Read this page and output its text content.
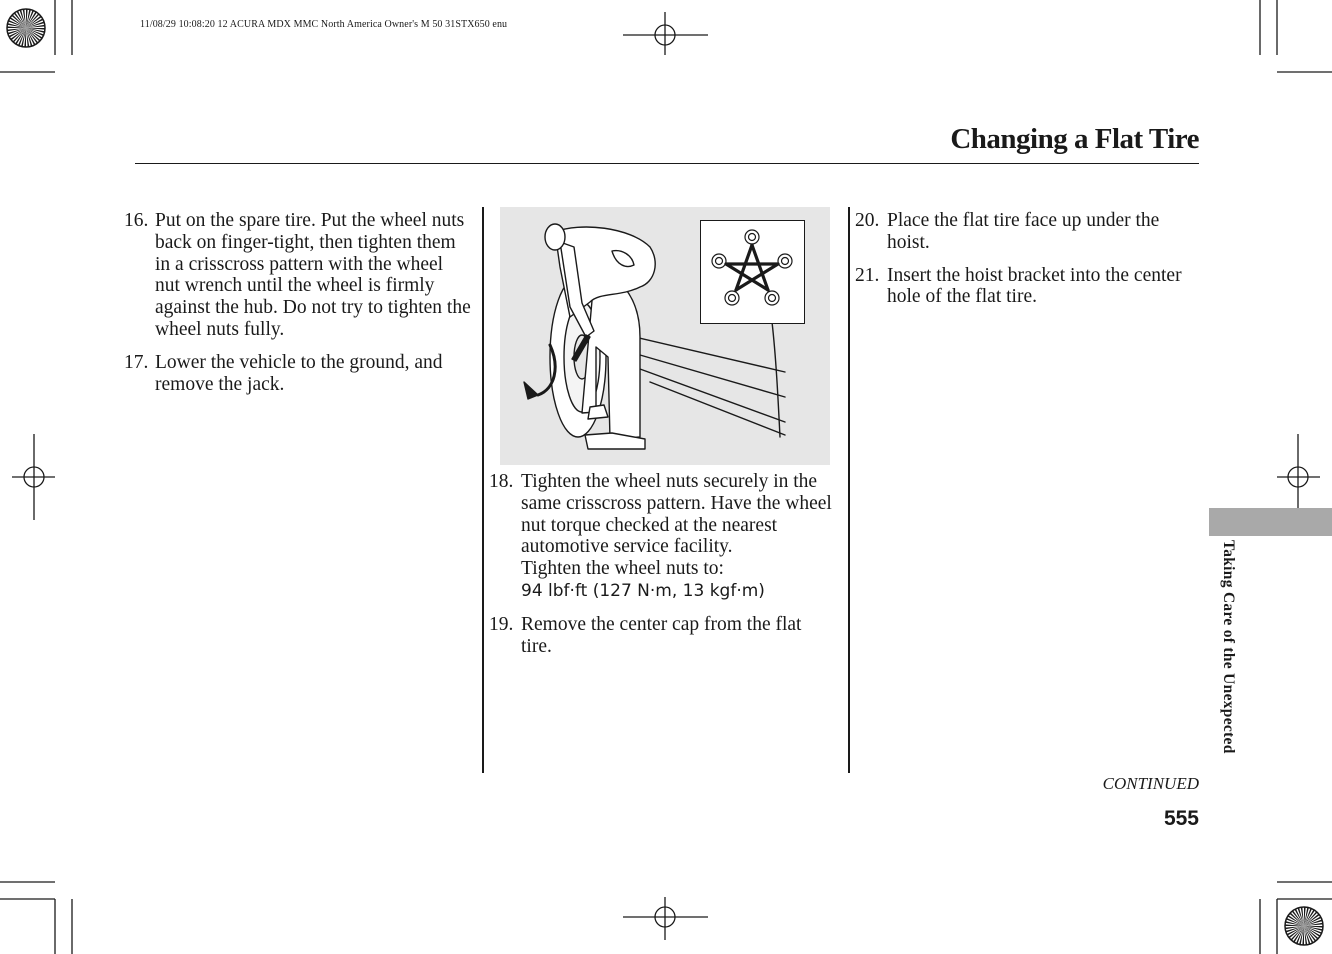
11/08/29 10:08:20 12 ACURA MDX MMC North America Owner's M 50 31STX650 enu
Changing a Flat Tire
16. Put on the spare tire. Put the wheel nuts back on finger-tight, then tighten them in a crisscross pattern with the wheel nut wrench until the wheel is firmly against the hub. Do not try to tighten the wheel nuts fully.
17. Lower the vehicle to the ground, and remove the jack.
18. Tighten the wheel nuts securely in the same crisscross pattern. Have the wheel nut torque checked at the nearest automotive service facility.
Tighten the wheel nuts to:
94 lbf·ft (127 N·m, 13 kgf·m)
19. Remove the center cap from the flat tire.
20. Place the flat tire face up under the hoist.
21. Insert the hoist bracket into the center hole of the flat tire.
Taking Care of the Unexpected
CONTINUED
555
